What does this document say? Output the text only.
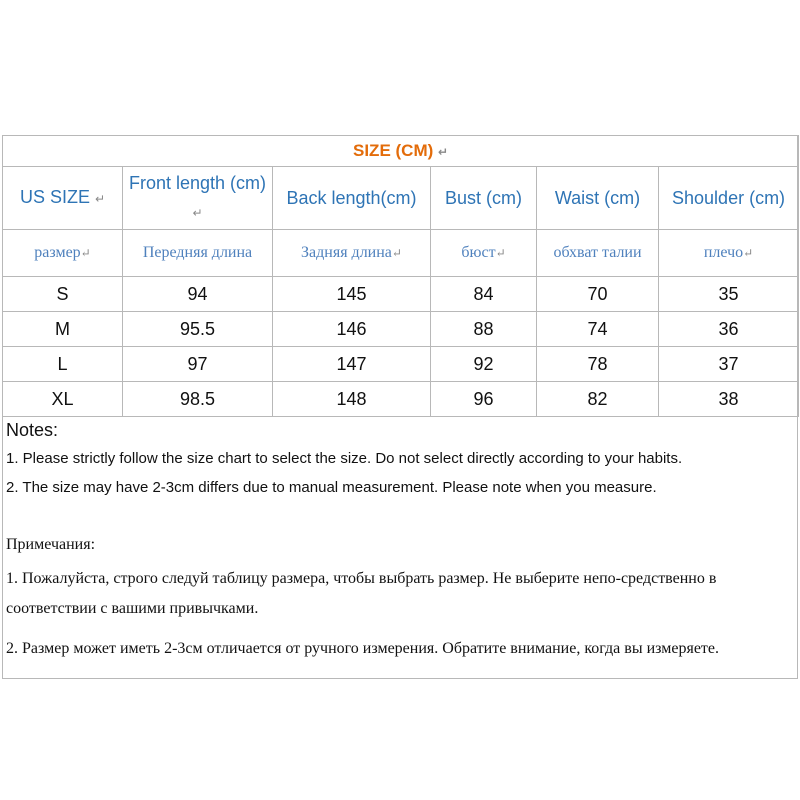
SIZE (CM) ↵					
US SIZE ↵	Front length (cm) ↵	Back length(cm)	Bust (cm)	Waist (cm)	Shoulder (cm)
размер↵	Передняя длина	Задняя длина↵	бюст↵	обхват талии	плечо↵
S	94	145	84	70	35
M	95.5	146	88	74	36
L	97	147	92	78	37
XL	98.5	148	96	82	38
Notes:
1. Please strictly follow the size chart to select the size. Do not select directly according to your habits.
2. The size may have 2-3cm differs due to manual measurement. Please note when you measure.
Примечания:
1. Пожалуйста, строго следуй таблицу размера, чтобы выбрать размер. Не выберите непо-средственно в соответствии с вашими привычками.
2. Размер может иметь 2-3см отличается от ручного измерения. Обратите внимание, когда вы измеряете.
